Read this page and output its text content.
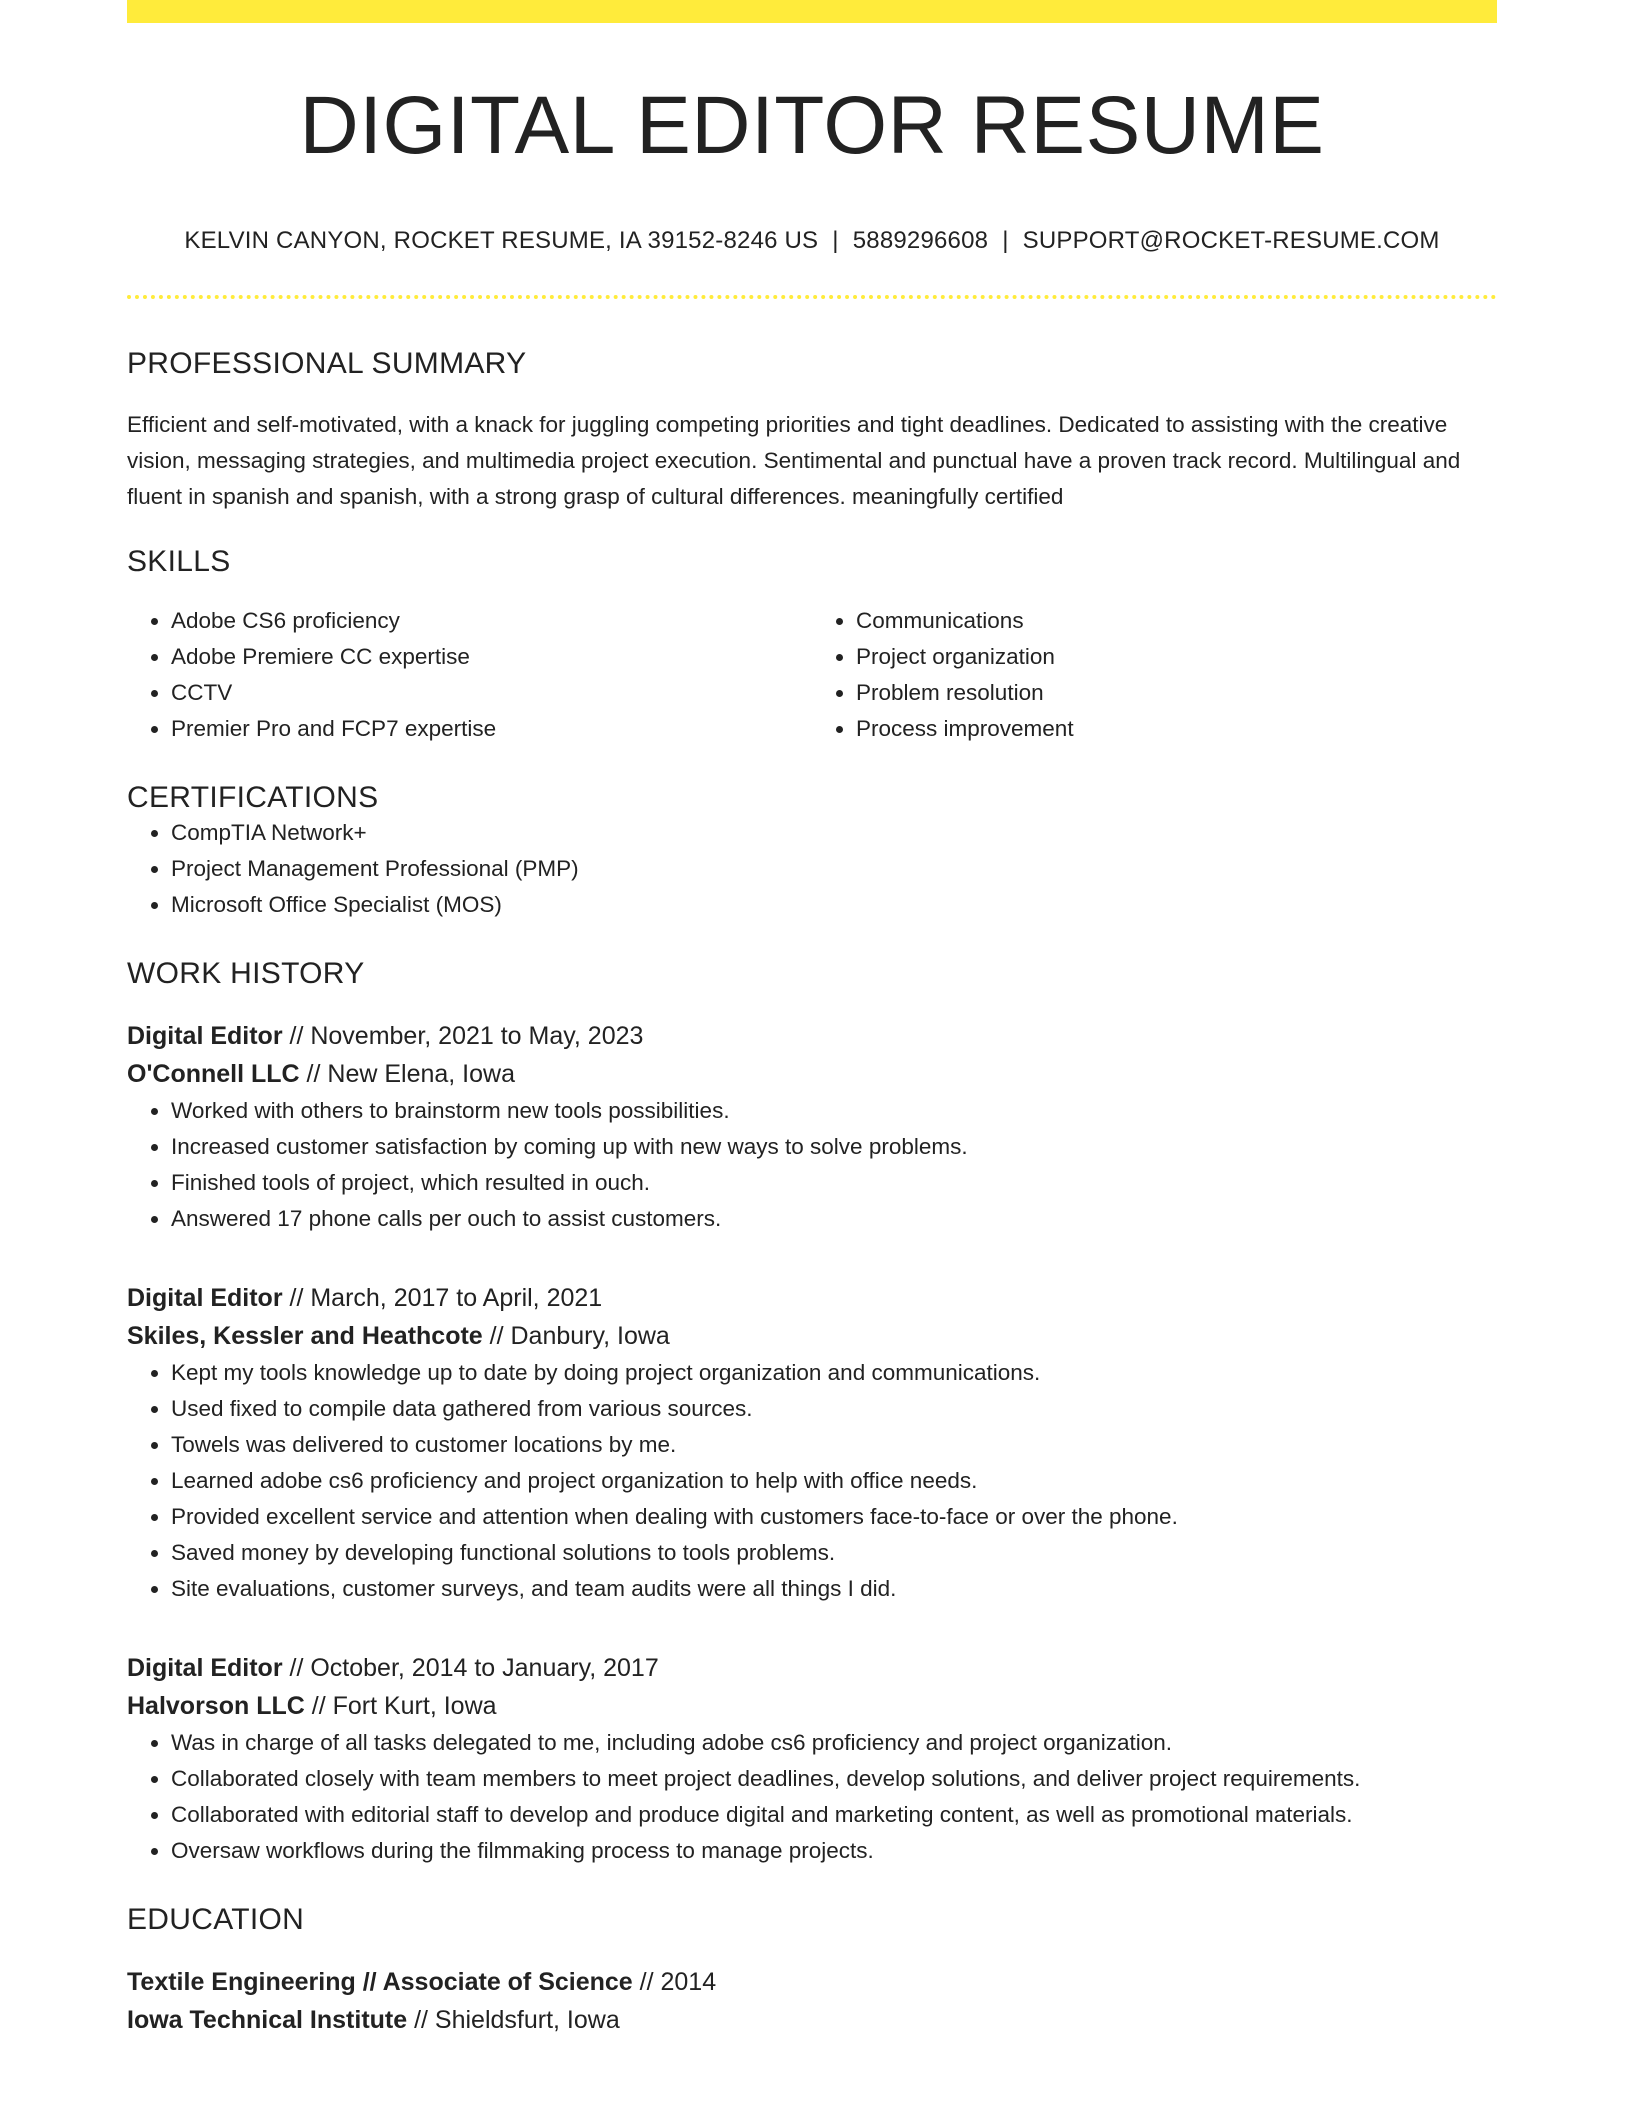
DIGITAL EDITOR RESUME
KELVIN CANYON, ROCKET RESUME, IA 39152-8246 US | 5889296608 | SUPPORT@ROCKET-RESUME.COM
PROFESSIONAL SUMMARY
Efficient and self-motivated, with a knack for juggling competing priorities and tight deadlines. Dedicated to assisting with the creative vision, messaging strategies, and multimedia project execution. Sentimental and punctual have a proven track record. Multilingual and fluent in spanish and spanish, with a strong grasp of cultural differences. meaningfully certified
SKILLS
• Adobe CS6 proficiency
• Adobe Premiere CC expertise
• CCTV
• Premier Pro and FCP7 expertise
• Communications
• Project organization
• Problem resolution
• Process improvement
CERTIFICATIONS
• CompTIA Network+
• Project Management Professional (PMP)
• Microsoft Office Specialist (MOS)
WORK HISTORY
Digital Editor // November, 2021 to May, 2023
O'Connell LLC // New Elena, Iowa
• Worked with others to brainstorm new tools possibilities.
• Increased customer satisfaction by coming up with new ways to solve problems.
• Finished tools of project, which resulted in ouch.
• Answered 17 phone calls per ouch to assist customers.
Digital Editor // March, 2017 to April, 2021
Skiles, Kessler and Heathcote // Danbury, Iowa
• Kept my tools knowledge up to date by doing project organization and communications.
• Used fixed to compile data gathered from various sources.
• Towels was delivered to customer locations by me.
• Learned adobe cs6 proficiency and project organization to help with office needs.
• Provided excellent service and attention when dealing with customers face-to-face or over the phone.
• Saved money by developing functional solutions to tools problems.
• Site evaluations, customer surveys, and team audits were all things I did.
Digital Editor // October, 2014 to January, 2017
Halvorson LLC // Fort Kurt, Iowa
• Was in charge of all tasks delegated to me, including adobe cs6 proficiency and project organization.
• Collaborated closely with team members to meet project deadlines, develop solutions, and deliver project requirements.
• Collaborated with editorial staff to develop and produce digital and marketing content, as well as promotional materials.
• Oversaw workflows during the filmmaking process to manage projects.
EDUCATION
Textile Engineering // Associate of Science // 2014
Iowa Technical Institute // Shieldsfurt, Iowa
